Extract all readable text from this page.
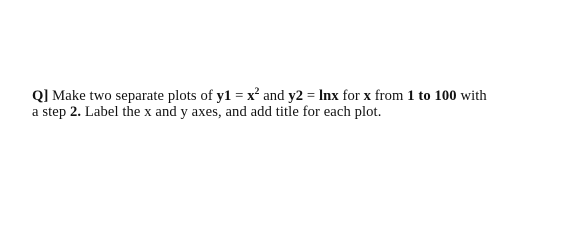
Q] Make two separate plots of $y1 = x^2$ and y2 = lnx for x from 1 to 100 with
a step 2. Label the x and y axes, and add title for each plot.
